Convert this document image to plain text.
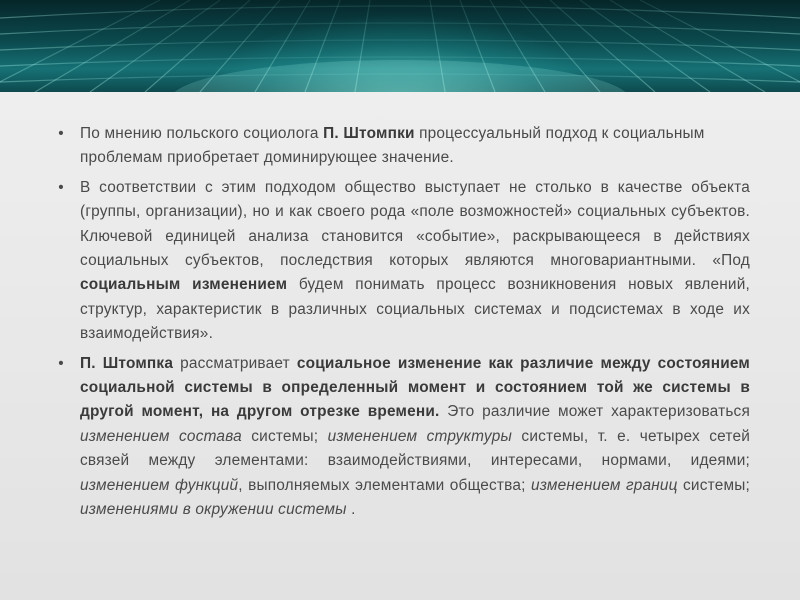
• По мнению польского социолога П. Штомпки процессуальный подход к социальным проблемам приобретает доминирующее значение.
• В соответствии с этим подходом общество выступает не столько в качестве объекта (группы, организации), но и как своего рода «поле возможностей» социальных субъектов. Ключевой единицей анализа становится «событие», раскрывающееся в действиях социальных субъектов, последствия которых являются многовариантными. «Под социальным изменением будем понимать процесс возникновения новых явлений, структур, характеристик в различных социальных системах и подсистемах в ходе их взаимодействия».
• П. Штомпка рассматривает социальное изменение как различие между состоянием социальной системы в определенный момент и состоянием той же системы в другой момент, на другом отрезке времени. Это различие может характеризоваться изменением состава системы; изменением структуры системы, т. е. четырех сетей связей между элементами: взаимодействиями, интересами, нормами, идеями; изменением функций, выполняемых элементами общества; изменением границ системы; изменениями в окружении системы .
